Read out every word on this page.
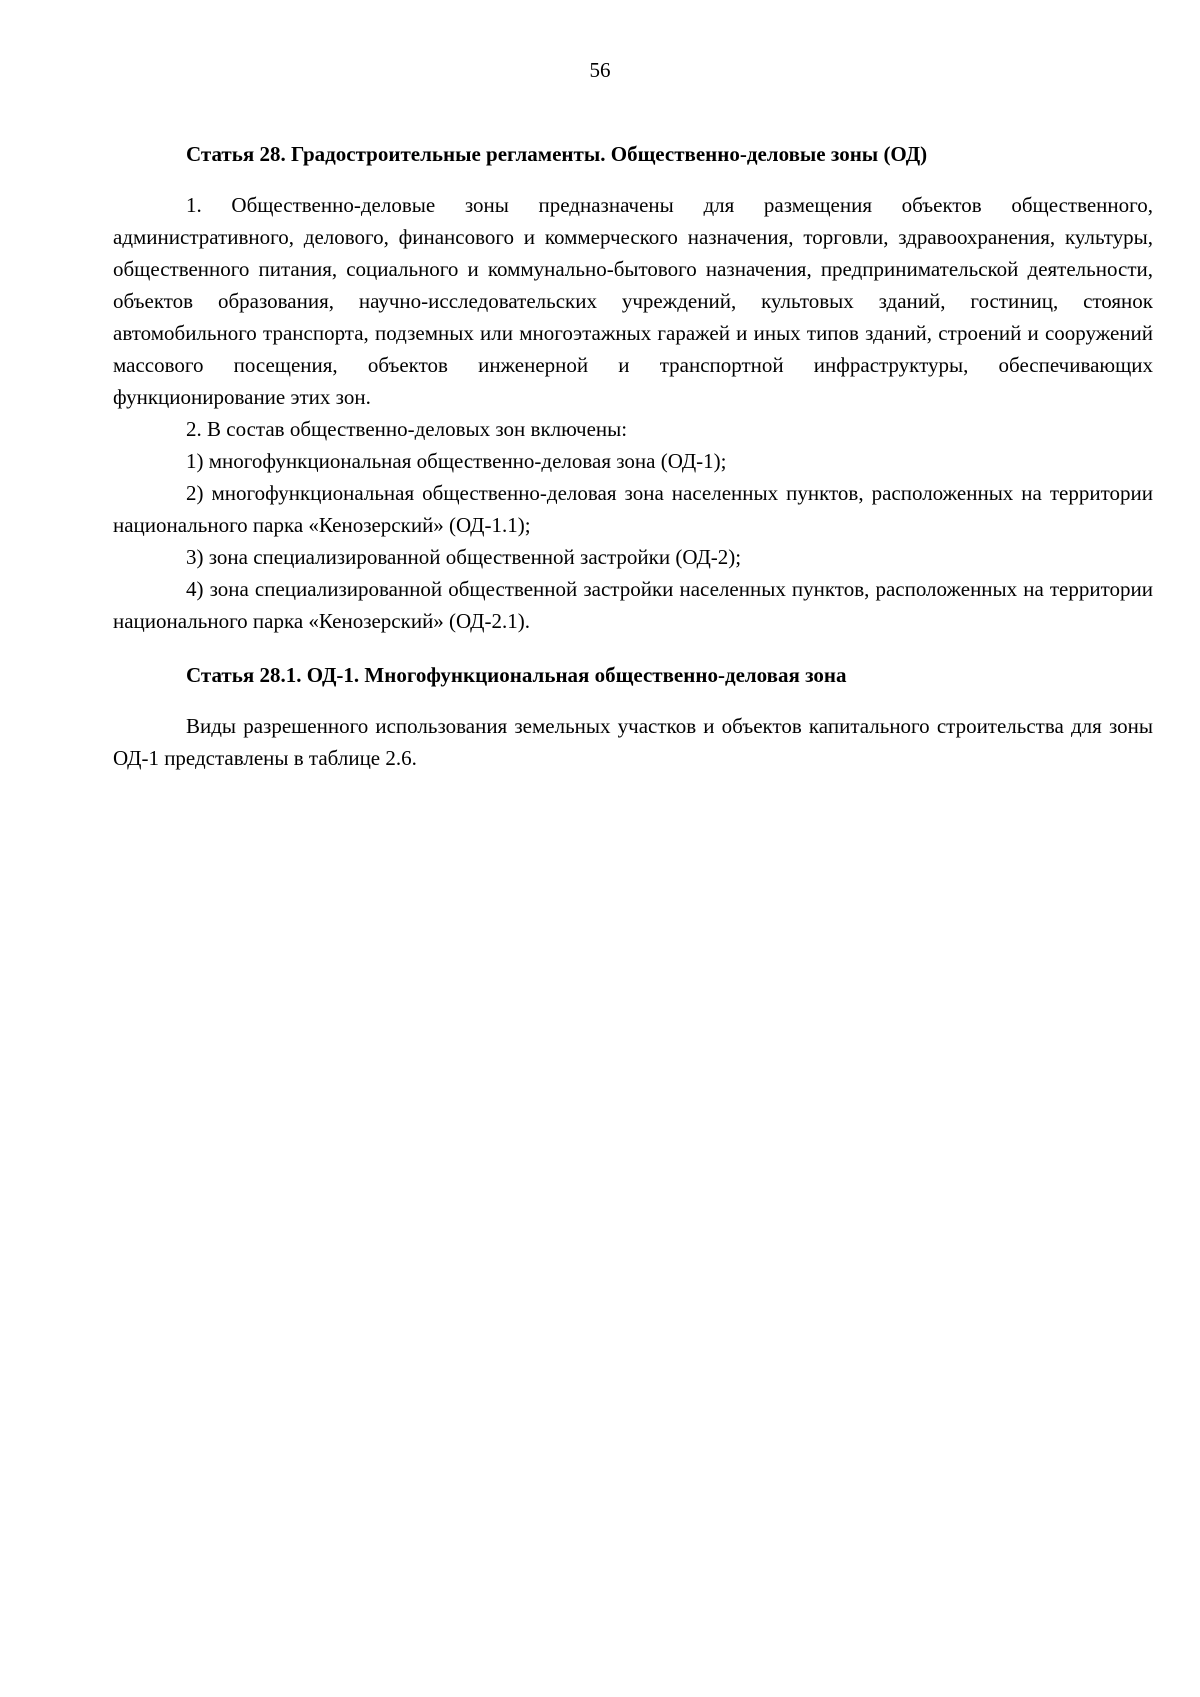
56
Статья 28. Градостроительные регламенты. Общественно-деловые зоны (ОД)

1. Общественно-деловые зоны предназначены для размещения объектов общественного, административного, делового, финансового и коммерческого назначения, торговли, здравоохранения, культуры, общественного питания, социального и коммунально-бытового назначения, предпринимательской деятельности, объектов образования, научно-исследовательских учреждений, культовых зданий, гостиниц, стоянок автомобильного транспорта, подземных или многоэтажных гаражей и иных типов зданий, строений и сооружений массового посещения, объектов инженерной и транспортной инфраструктуры, обеспечивающих функционирование этих зон.

2. В состав общественно-деловых зон включены:

1) многофункциональная общественно-деловая зона (ОД-1);

2) многофункциональная общественно-деловая зона населенных пунктов, расположенных на территории национального парка «Кенозерский» (ОД-1.1);

3) зона специализированной общественной застройки (ОД-2);

4) зона специализированной общественной застройки населенных пунктов, расположенных на территории национального парка «Кенозерский» (ОД-2.1).

Статья 28.1. ОД-1. Многофункциональная общественно-деловая зона

Виды разрешенного использования земельных участков и объектов капитального строительства для зоны ОД-1 представлены в таблице 2.6.
